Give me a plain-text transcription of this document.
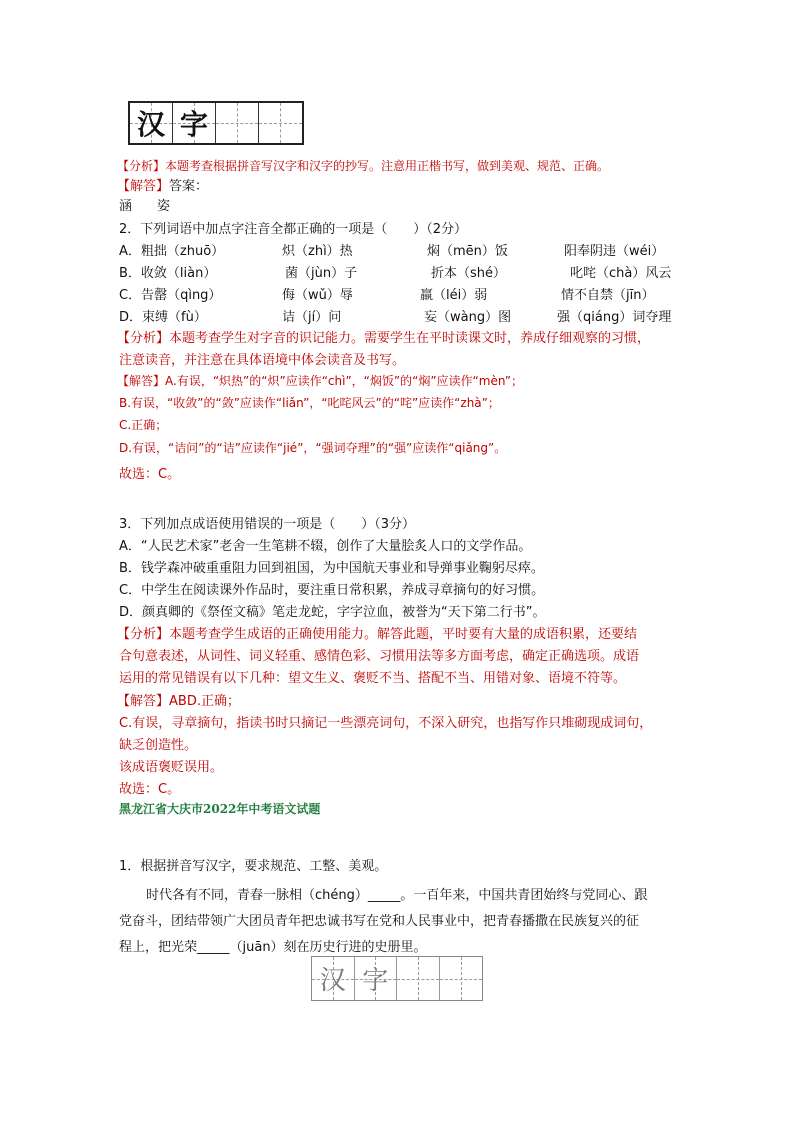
汉 字
【分析】本题考查根据拼音写汉字和汉字的抄写。注意用正楷书写，做到美观、规范、正确。
【解答】答案：
涵　姿
2．下列词语中加点字注音全都正确的一项是（　　）（2分）
A．粗拙（zhuō）	炽（zhì）热	焖（mēn）饭	阳奉阴违（wéi）
B．收敛（liàn）	菌（jùn）子	折本（shé）	叱咤（chà）风云
C．告罄（qìng）	侮（wǔ）辱	羸（léi）弱	情不自禁（jīn）
D．束缚（fù）	诘（jí）问	妄（wàng）图	强（qiáng）词夺理
【分析】本题考查学生对字音的识记能力。需要学生在平时读课文时，养成仔细观察的习惯，
注意读音，并注意在具体语境中体会读音及书写。
【解答】A.有误，“炽热”的“炽”应读作“chì”，“焖饭”的“焖”应读作“mèn”；
B.有误，“收敛”的“敛”应读作“liǎn”，“叱咤风云”的“咤”应读作“zhà”；
C.正确；
D.有误，“诘问”的“诘”应读作“jié”，“强词夺理”的“强”应读作“qiǎng”。
故选：C。
3．下列加点成语使用错误的一项是（　　）（3分）
A．“人民艺术家”老舍一生笔耕不辍，创作了大量脍炙人口的文学作品。
B．钱学森冲破重重阻力回到祖国，为中国航天事业和导弹事业鞠躬尽瘁。
C．中学生在阅读课外作品时，要注重日常积累，养成寻章摘句的好习惯。
D．颜真卿的《祭侄文稿》笔走龙蛇，字字泣血，被誉为“天下第二行书”。
【分析】本题考查学生成语的正确使用能力。解答此题，平时要有大量的成语积累，还要结
合句意表述，从词性、词义轻重、感情色彩、习惯用法等多方面考虑，确定正确选项。成语
运用的常见错误有以下几种：望文生义、褒贬不当、搭配不当、用错对象、语境不符等。
【解答】ABD.正确；
C.有误，寻章摘句，指读书时只摘记一些漂亮词句，不深入研究，也指写作只堆砌现成词句，
缺乏创造性。
该成语褒贬误用。
故选：C。
黑龙江省大庆市2022年中考语文试题
1．根据拼音写汉字，要求规范、工整、美观。
时代各有不同，青春一脉相（chéng）_____。一百年来，中国共青团始终与党同心、跟
党奋斗，团结带领广大团员青年把忠诚书写在党和人民事业中，把青春播撒在民族复兴的征
程上，把光荣_____（juān）刻在历史行进的史册里。
汉 字
